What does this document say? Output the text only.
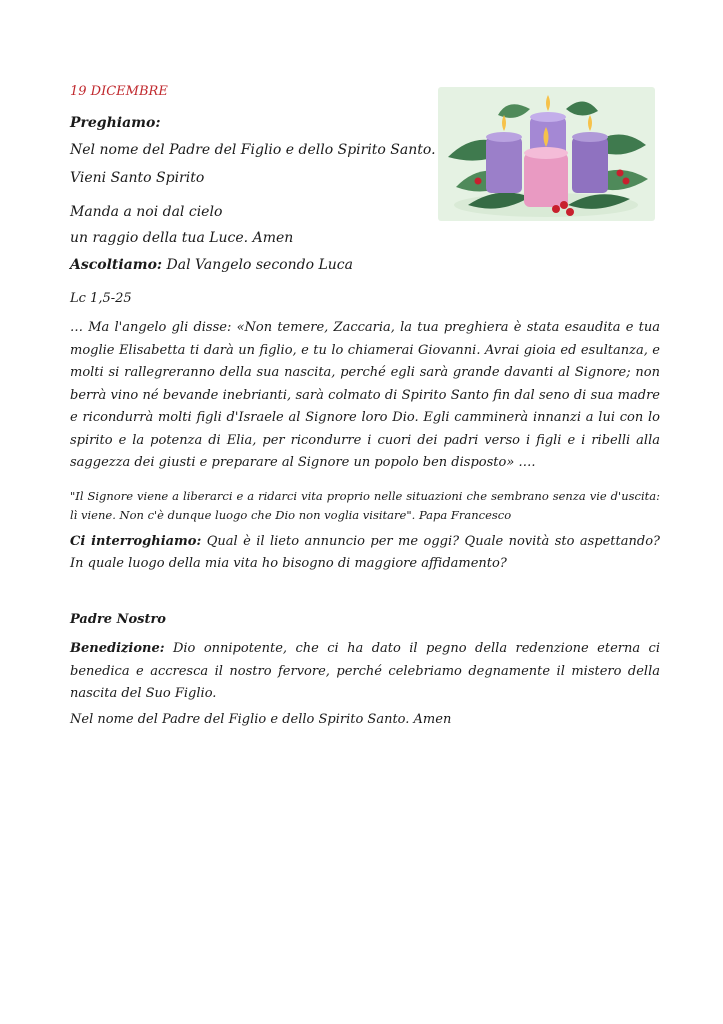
19 DICEMBRE

Preghiamo:

Nel nome del Padre del Figlio e dello Spirito Santo.

Vieni Santo Spirito

Manda a noi dal cielo

un raggio della tua Luce. Amen

Ascoltiamo: Dal Vangelo secondo Luca

Lc 1,5-25

… Ma l'angelo gli disse: «Non temere, Zaccaria, la tua preghiera è stata esaudita e tua moglie Elisabetta ti darà un figlio, e tu lo chiamerai Giovanni. Avrai gioia ed esultanza, e molti si rallegreranno della sua nascita, perché egli sarà grande davanti al Signore; non berrà vino né bevande inebrianti, sarà colmato di Spirito Santo fin dal seno di sua madre e ricondurrà molti figli d'Israele al Signore loro Dio. Egli camminerà innanzi a lui con lo spirito e la potenza di Elia, per ricondurre i cuori dei padri verso i figli e i ribelli alla saggezza dei giusti e preparare al Signore un popolo ben disposto» ….

"Il Signore viene a liberarci e a ridarci vita proprio nelle situazioni che sembrano senza vie d'uscita: lì viene. Non c'è dunque luogo che Dio non voglia visitare". Papa Francesco

Ci interroghiamo: Qual è il lieto annuncio per me oggi? Quale novità sto aspettando? In quale luogo della mia vita ho bisogno di maggiore affidamento?

Padre Nostro

Benedizione: Dio onnipotente, che ci ha dato il pegno della redenzione eterna ci benedica e accresca il nostro fervore, perché celebriamo degnamente il mistero della nascita del Suo Figlio.

Nel nome del Padre del Figlio e dello Spirito Santo. Amen
